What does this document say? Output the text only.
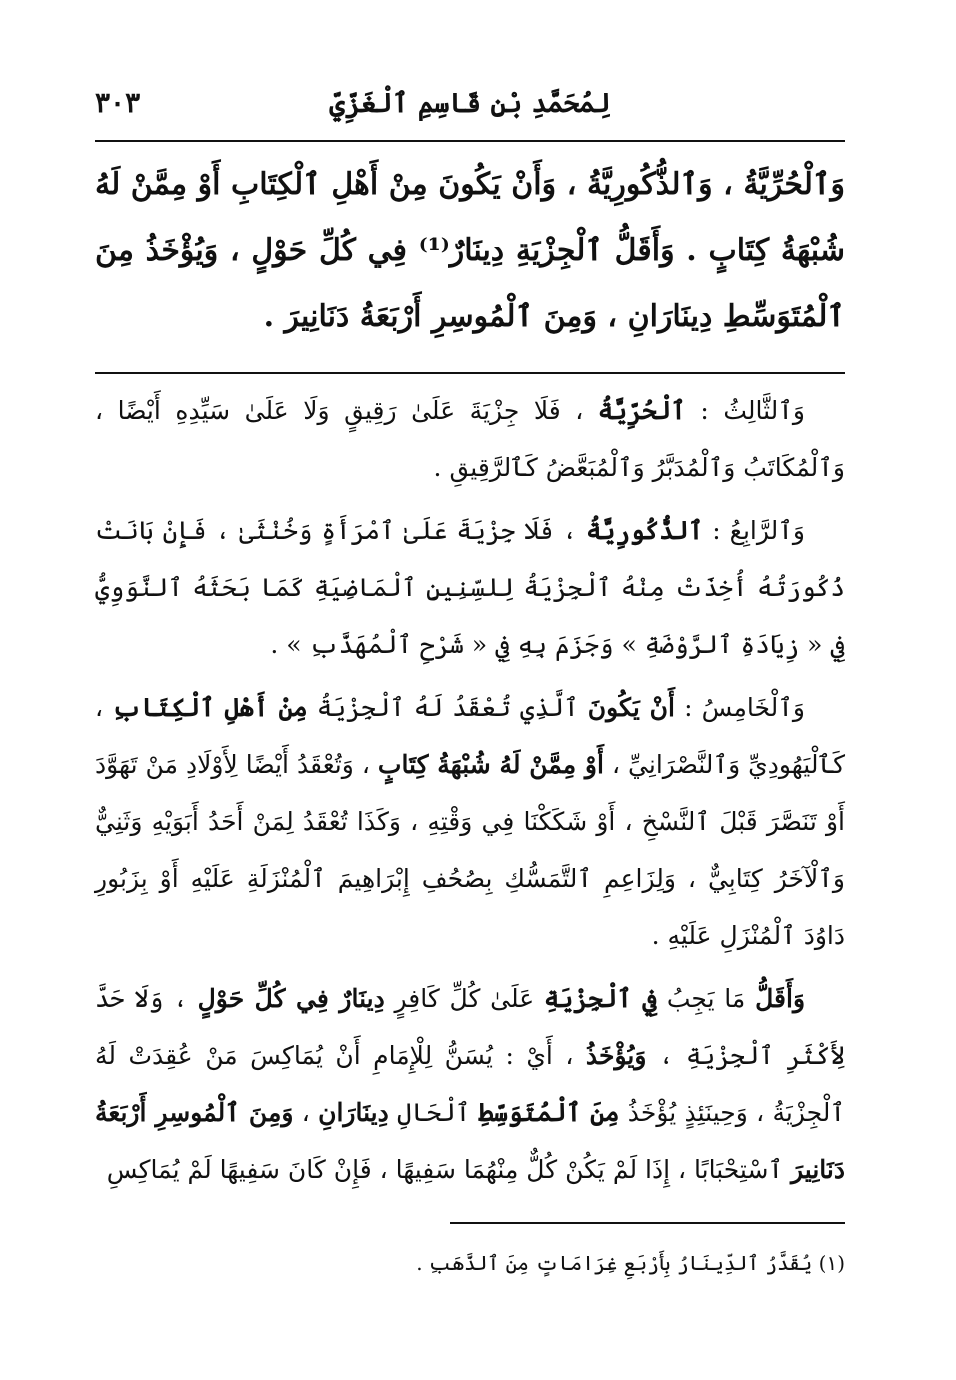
لِمُحَمَّدِ بْنِ قَاسِمِ ٱلْغَزِّيِّ
٣٠٣
وَٱلْحُرِّيَّةُ ، وَٱلذُّكُورِيَّةُ ، وَأَنْ يَكُونَ مِنْ أَهْلِ ٱلْكِتَابِ أَوْ مِمَّنْ لَهُ شُبْهَةُ كِتَابٍ . وَأَقَلُّ ٱلْجِزْيَةِ دِينَارٌ⁽¹⁾ فِي كُلِّ حَوْلٍ ، وَيُؤْخَذُ مِنَ ٱلْمُتَوَسِّطِ دِينَارَانِ ، وَمِنَ ٱلْمُوسِرِ أَرْبَعَةُ دَنَانِيرَ .

وَٱلثَّالِثُ : ٱلْحُرِّيَّةُ ، فَلَا جِزْيَةَ عَلَىٰ رَقِيقٍ وَلَا عَلَىٰ سَيِّدِهِ أَيْضًا ، وَٱلْمُكَاتَبُ وَٱلْمُدَبَّرُ وَٱلْمُبَعَّضُ كَٱلرَّقِيقِ .

وَٱلرَّابِعُ : ٱلذُّكُورِيَّةُ ، فَلَا جِزْيَةَ عَلَىٰ ٱمْرَأَةٍ وَخُنْثَىٰ ، فَإِنْ بَانَتْ ذُكُورَتُهُ أُخِذَتْ مِنْهُ ٱلْجِزْيَةُ لِلسِّنِينِ ٱلْمَاضِيَةِ كَمَا بَحَثَهُ ٱلنَّوَوِيُّ فِي « زِيَادَةِ ٱلرَّوْضَةِ » وَجَزَمَ بِهِ فِي « شَرْحِ ٱلْمُهَذَّبِ » .

وَٱلْخَامِسُ : أَنْ يَكُونَ ٱلَّذِي تُعْقَدُ لَهُ ٱلْجِزْيَةُ مِنْ أَهْلِ ٱلْكِتَابِ ، كَٱلْيَهُودِيِّ وَٱلنَّصْرَانِيِّ ، أَوْ مِمَّنْ لَهُ شُبْهَةُ كِتَابٍ ، وَتُعْقَدُ أَيْضًا لِأَوْلَادِ مَنْ تَهَوَّدَ أَوْ تَنَصَّرَ قَبْلَ ٱلنَّسْخِ ، أَوْ شَكَكْنَا فِي وَقْتِهِ ، وَكَذَا تُعْقَدُ لِمَنْ أَحَدُ أَبَوَيْهِ وَثَنِيٌّ وَٱلْآخَرُ كِتَابِيٌّ ، وَلِزَاعِمِ ٱلتَّمَسُّكِ بِصُحُفِ إِبْرَاهِيمَ ٱلْمُنْزَلَةِ عَلَيْهِ أَوْ بِزَبُورِ دَاوُدَ ٱلْمُنْزَلِ عَلَيْهِ .

وَأَقَلُّ مَا يَجِبُ فِي ٱلْجِزْيَةِ عَلَىٰ كُلِّ كَافِرٍ دِينَارٌ فِي كُلِّ حَوْلٍ ، وَلَا حَدَّ لِأَكْثَرِ ٱلْجِزْيَةِ ، وَيُؤْخَذُ ، أَيْ : يُسَنُّ لِلْإِمَامِ أَنْ يُمَاكِسَ مَنْ عُقِدَتْ لَهُ ٱلْجِزْيَةُ ، وَحِينَئِذٍ يُؤْخَذُ مِنَ ٱلْمُتَوَسِّطِ ٱلْحَالِ دِينَارَانِ ، وَمِنَ ٱلْمُوسِرِ أَرْبَعَةُ دَنَانِيرَ ٱسْتِحْبَابًا ، إِذَا لَمْ يَكُنْ كُلٌّ مِنْهُمَا سَفِيهًا ، فَإِنْ كَانَ سَفِيهًا لَمْ يُمَاكِسِ

(١) يُقَدَّرُ ٱلدِّينَارُ بِأَرْبَعِ غِرَامَاتٍ مِنَ ٱلذَّهَبِ .
